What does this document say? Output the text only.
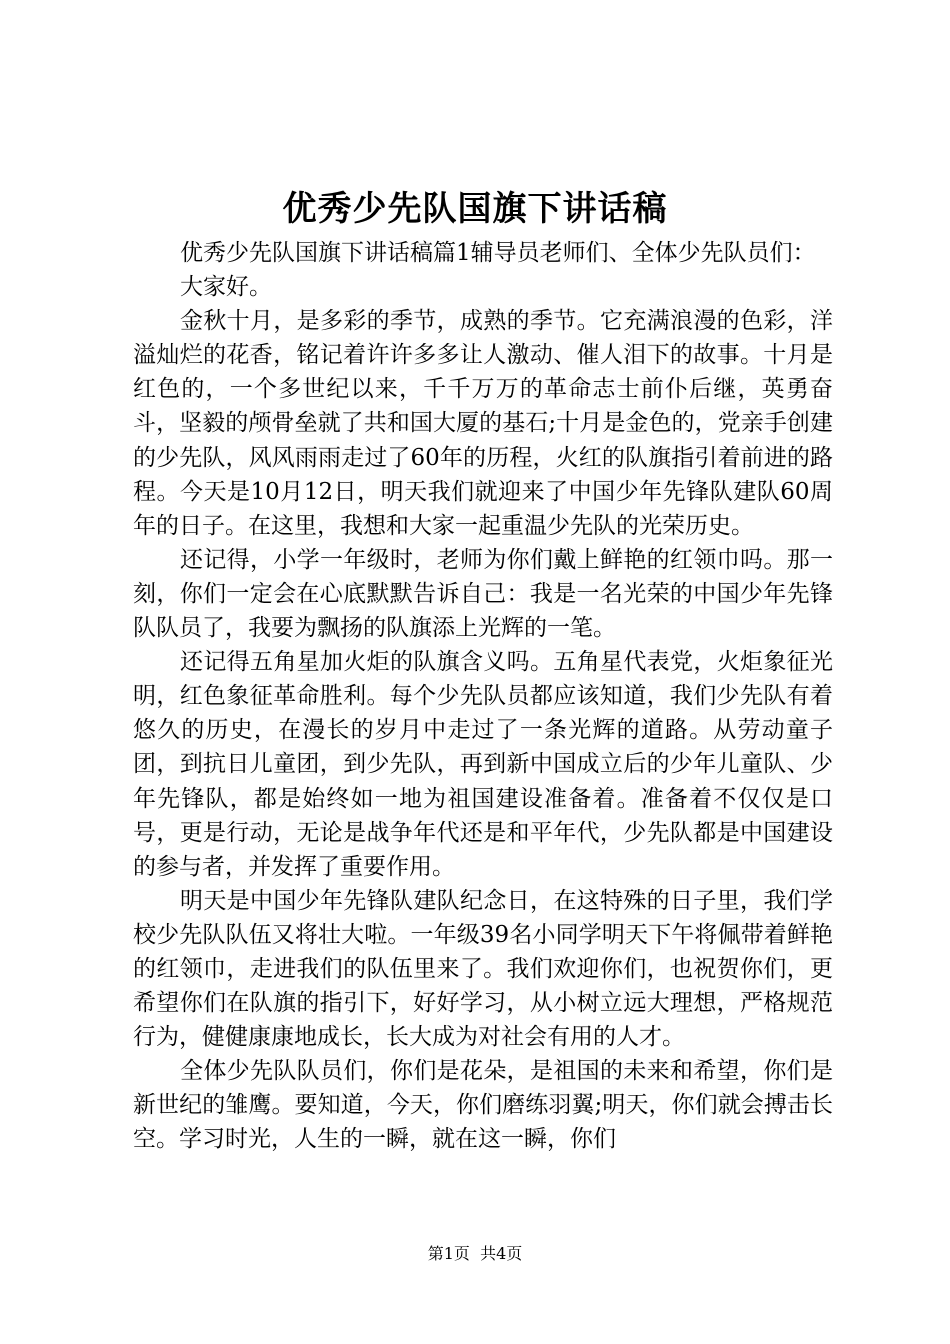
优秀少先队国旗下讲话稿

优秀少先队国旗下讲话稿篇1辅导员老师们、全体少先队员们：

大家好。

金秋十月，是多彩的季节，成熟的季节。它充满浪漫的色彩，洋溢灿烂的花香，铭记着许许多多让人激动、催人泪下的故事。十月是红色的，一个多世纪以来，千千万万的革命志士前仆后继，英勇奋斗，坚毅的颅骨垒就了共和国大厦的基石;十月是金色的，党亲手创建的少先队，风风雨雨走过了60年的历程，火红的队旗指引着前进的路程。今天是10月12日，明天我们就迎来了中国少年先锋队建队60周年的日子。在这里，我想和大家一起重温少先队的光荣历史。

还记得，小学一年级时，老师为你们戴上鲜艳的红领巾吗。那一刻，你们一定会在心底默默告诉自己：我是一名光荣的中国少年先锋队队员了，我要为飘扬的队旗添上光辉的一笔。

还记得五角星加火炬的队旗含义吗。五角星代表党，火炬象征光明，红色象征革命胜利。每个少先队员都应该知道，我们少先队有着悠久的历史，在漫长的岁月中走过了一条光辉的道路。从劳动童子团，到抗日儿童团，到少先队，再到新中国成立后的少年儿童队、少年先锋队，都是始终如一地为祖国建设准备着。准备着不仅仅是口号，更是行动，无论是战争年代还是和平年代，少先队都是中国建设的参与者，并发挥了重要作用。

明天是中国少年先锋队建队纪念日，在这特殊的日子里，我们学校少先队队伍又将壮大啦。一年级39名小同学明天下午将佩带着鲜艳的红领巾，走进我们的队伍里来了。我们欢迎你们，也祝贺你们，更希望你们在队旗的指引下，好好学习，从小树立远大理想，严格规范行为，健健康康地成长，长大成为对社会有用的人才。

全体少先队队员们，你们是花朵，是祖国的未来和希望，你们是新世纪的雏鹰。要知道，今天，你们磨练羽翼;明天，你们就会搏击长空。学习时光，人生的一瞬，就在这一瞬，你们

第1页  共4页
